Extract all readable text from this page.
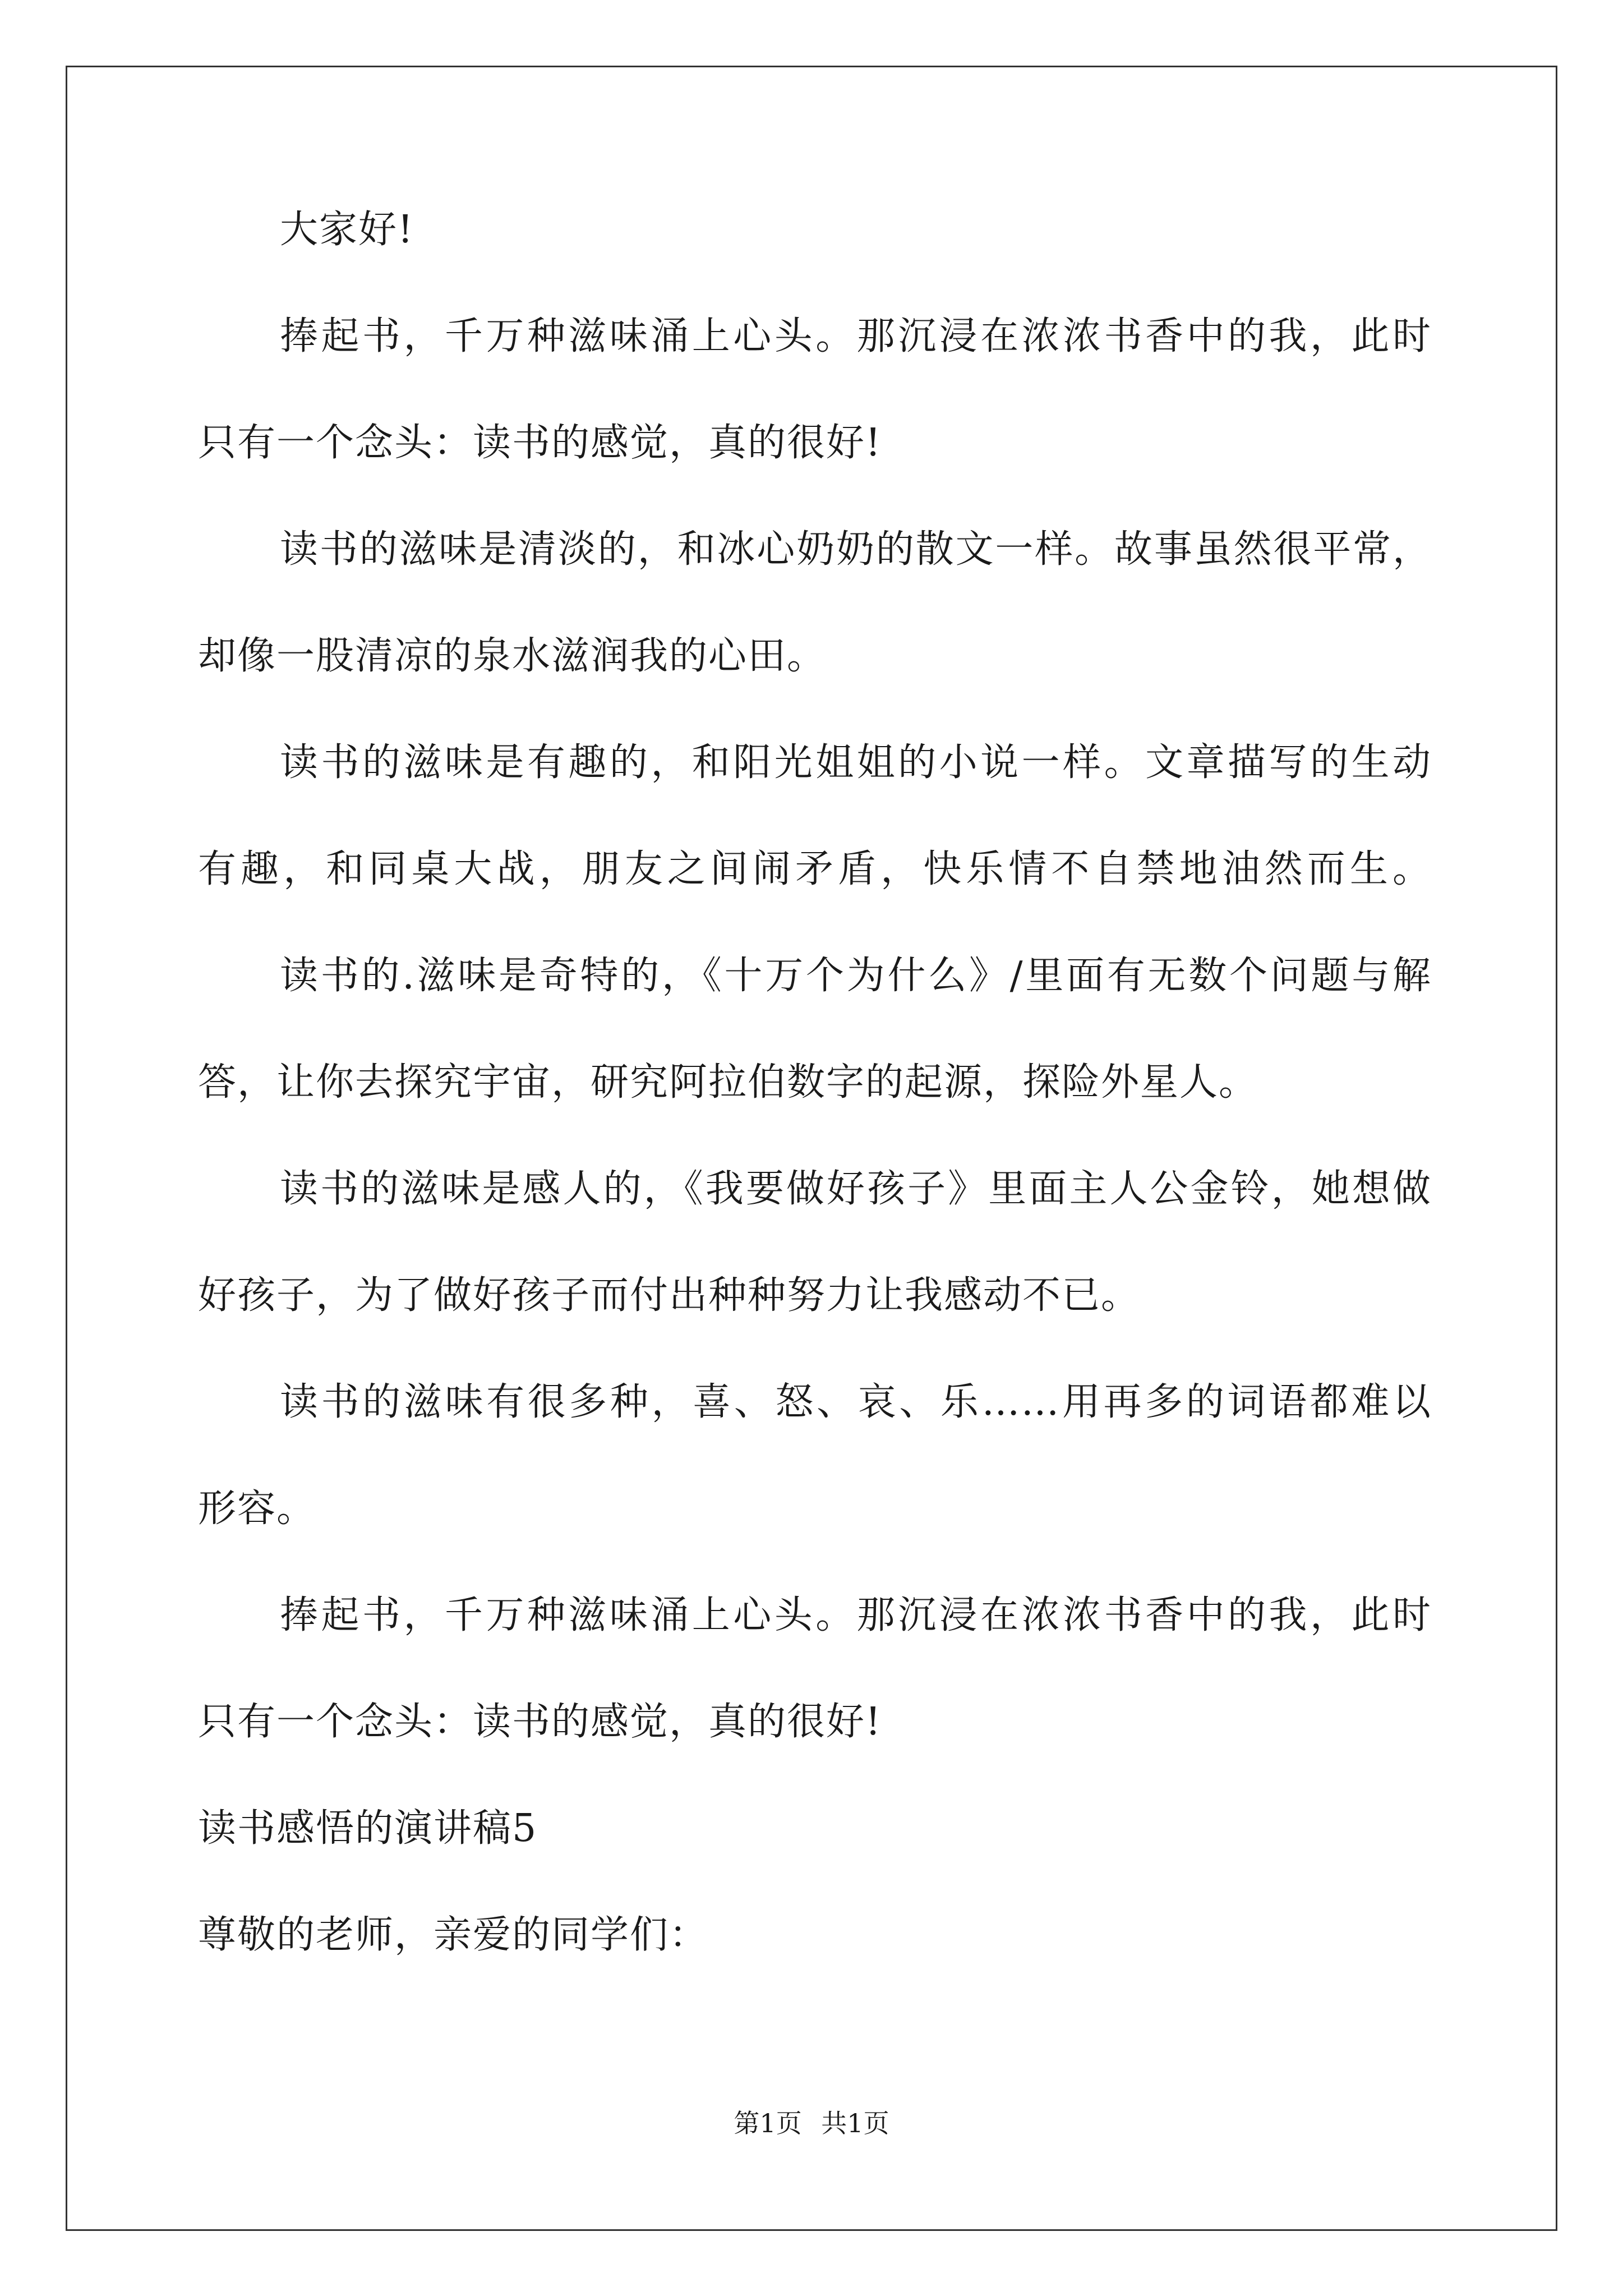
大家好!
捧起书，千万种滋味涌上心头。那沉浸在浓浓书香中的我，此时
只有一个念头：读书的感觉，真的很好!
读书的滋味是清淡的，和冰心奶奶的散文一样。故事虽然很平常，
却像一股清凉的泉水滋润我的心田。
读书的滋味是有趣的，和阳光姐姐的小说一样。文章描写的生动
有趣，和同桌大战，朋友之间闹矛盾，快乐情不自禁地油然而生。
读书的.滋味是奇特的，《十万个为什么》/里面有无数个问题与解
答，让你去探究宇宙，研究阿拉伯数字的起源，探险外星人。
读书的滋味是感人的，《我要做好孩子》里面主人公金铃，她想做
好孩子，为了做好孩子而付出种种努力让我感动不已。
读书的滋味有很多种，喜、怒、哀、乐……用再多的词语都难以
形容。
捧起书，千万种滋味涌上心头。那沉浸在浓浓书香中的我，此时
只有一个念头：读书的感觉，真的很好!
读书感悟的演讲稿5
尊敬的老师，亲爱的同学们：
第1页 共1页
